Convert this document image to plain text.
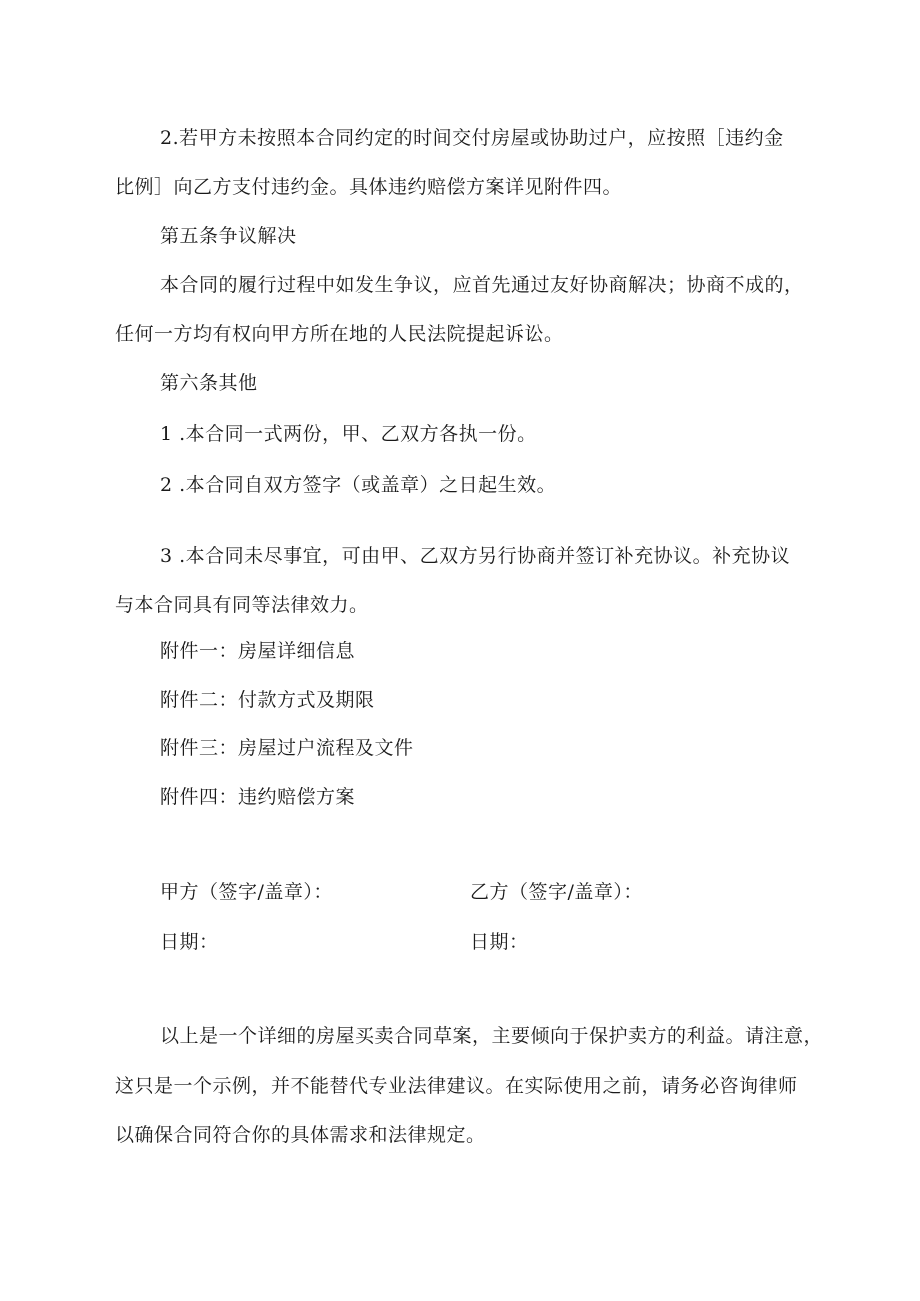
2.若甲方未按照本合同约定的时间交付房屋或协助过户，应按照［违约金
比例］向乙方支付违约金。具体违约赔偿方案详见附件四。
第五条争议解决
本合同的履行过程中如发生争议，应首先通过友好协商解决；协商不成的，
任何一方均有权向甲方所在地的人民法院提起诉讼。
第六条其他
1 .本合同一式两份，甲、乙双方各执一份。
2 .本合同自双方签字（或盖章）之日起生效。
3 .本合同未尽事宜，可由甲、乙双方另行协商并签订补充协议。补充协议
与本合同具有同等法律效力。
附件一：房屋详细信息
附件二：付款方式及期限
附件三：房屋过户流程及文件
附件四：违约赔偿方案
甲方（签字/盖章）：	乙方（签字/盖章）：
日期：	日期：
以上是一个详细的房屋买卖合同草案，主要倾向于保护卖方的利益。请注意，
这只是一个示例，并不能替代专业法律建议。在实际使用之前，请务必咨询律师
以确保合同符合你的具体需求和法律规定。
